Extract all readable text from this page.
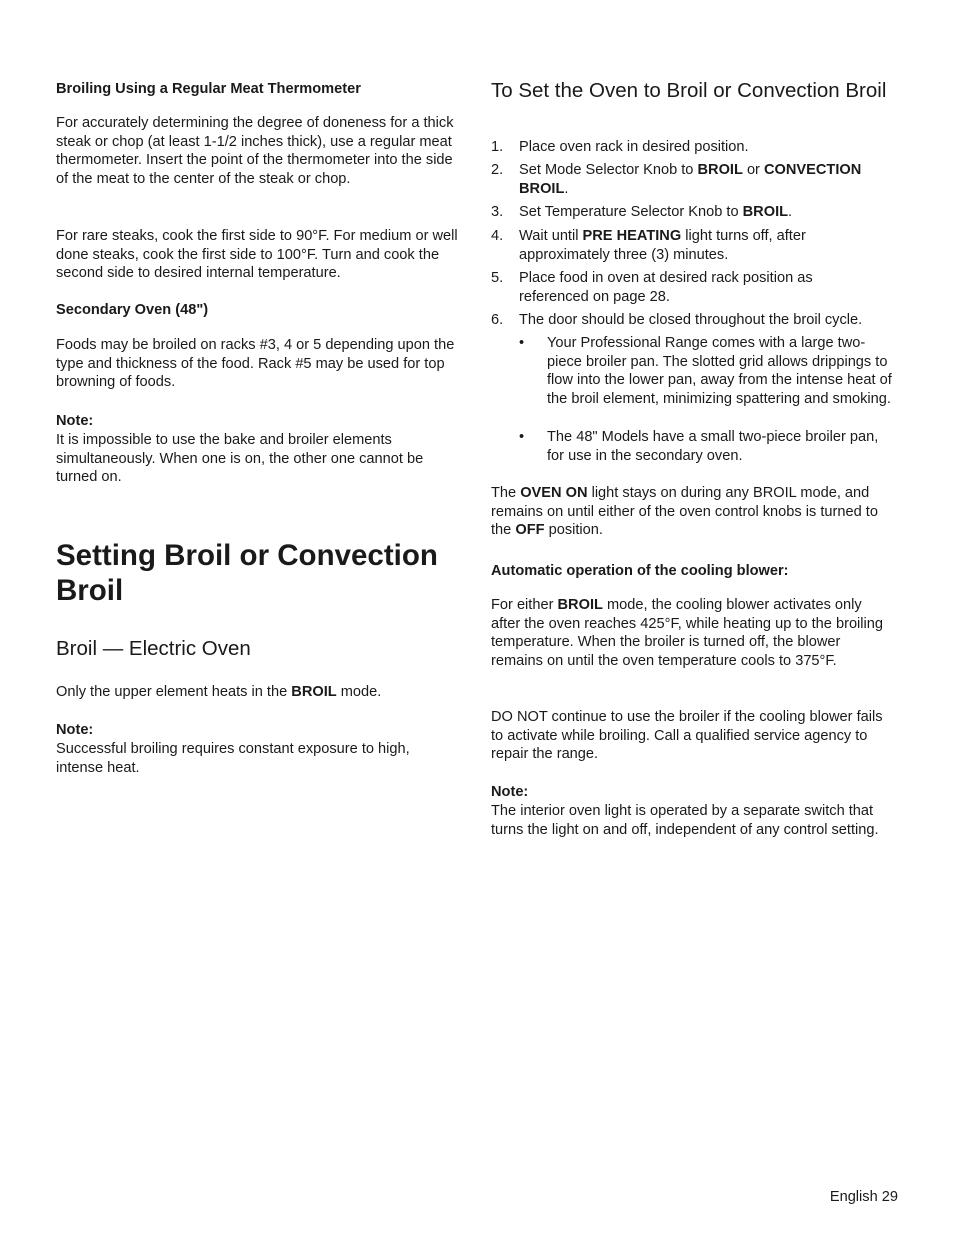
Broiling Using a Regular Meat Thermometer

For accurately determining the degree of doneness for a thick steak or chop (at least 1-1/2 inches thick), use a regular meat thermometer. Insert the point of the thermometer into the side of the meat to the center of the steak or chop.

For rare steaks, cook the first side to 90°F. For medium or well done steaks, cook the first side to 100°F. Turn and cook the second side to desired internal temperature.

Secondary Oven (48")

Foods may be broiled on racks #3, 4 or 5 depending upon the type and thickness of the food. Rack #5 may be used for top browning of foods.

Note:

It is impossible to use the bake and broiler elements simultaneously. When one is on, the other one cannot be turned on.

Setting Broil or Convection Broil
Broil — Electric Oven

Only the upper element heats in the BROIL mode.

Note:

Successful broiling requires constant exposure to high, intense heat.

To Set the Oven to Broil or Convection Broil
1. Place oven rack in desired position.
2. Set Mode Selector Knob to BROIL or CONVECTION BROIL.
3. Set Temperature Selector Knob to BROIL.
4. Wait until PRE HEATING light turns off, after approximately three (3) minutes.
5. Place food in oven at desired rack position as referenced on page 28.
6. The door should be closed throughout the broil cycle.
• Your Professional Range comes with a large two-piece broiler pan. The slotted grid allows drippings to flow into the lower pan, away from the intense heat of the broil element, minimizing spattering and smoking.
• The 48" Models have a small two-piece broiler pan, for use in the secondary oven.

The OVEN ON light stays on during any BROIL mode, and remains on until either of the oven control knobs is turned to the OFF position.

Automatic operation of the cooling blower:

For either BROIL mode, the cooling blower activates only after the oven reaches 425°F, while heating up to the broiling temperature. When the broiler is turned off, the blower remains on until the oven temperature cools to 375°F.

DO NOT continue to use the broiler if the cooling blower fails to activate while broiling. Call a qualified service agency to repair the range.

Note:

The interior oven light is operated by a separate switch that turns the light on and off, independent of any control setting.

English 29
